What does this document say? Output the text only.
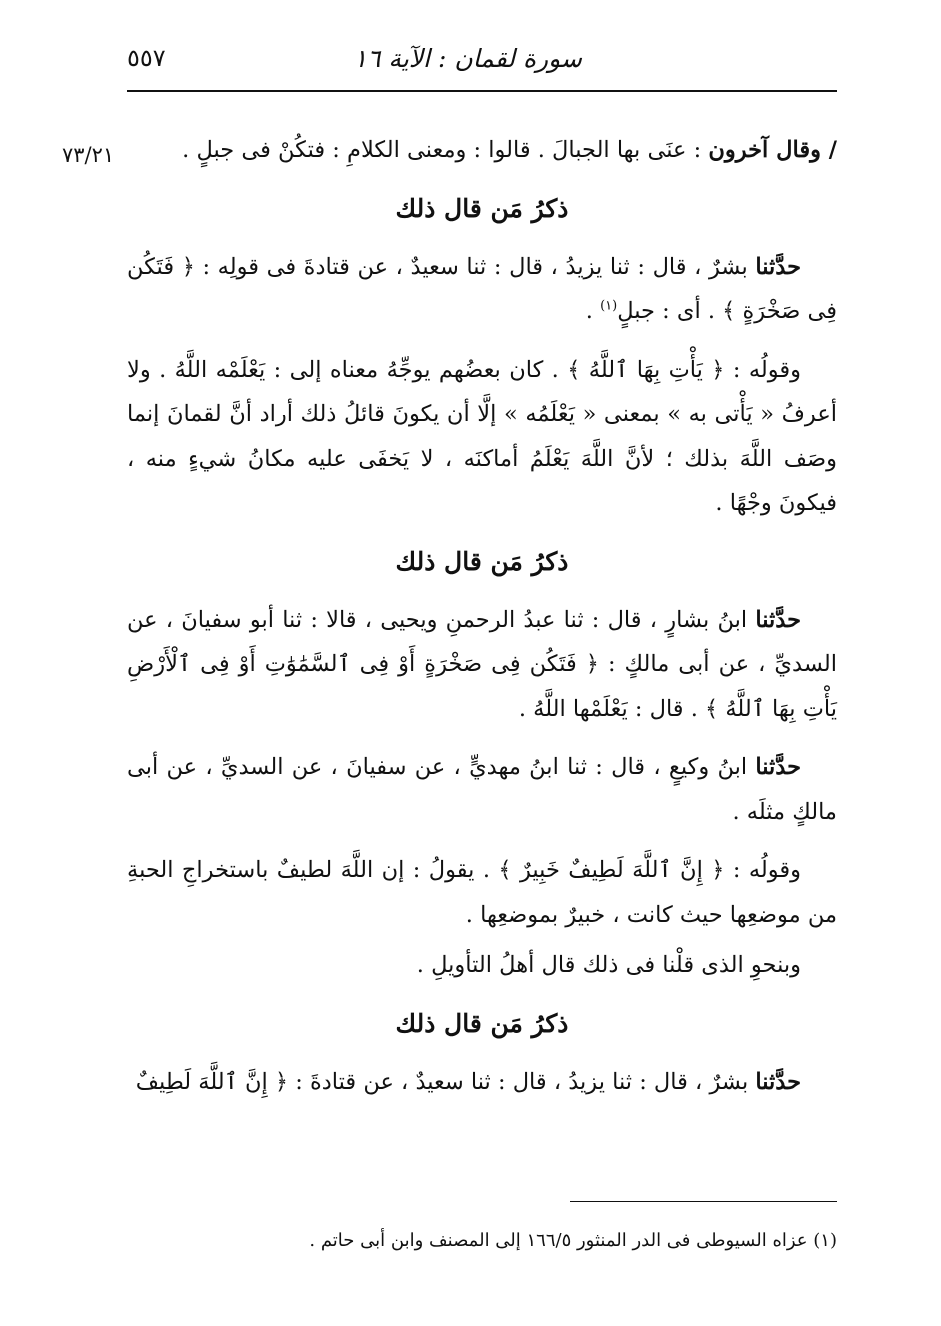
سورة لقمان : الآية ١٦
٥٥٧
٧٣/٢١	/ وقال آخرون : عنَى بها الجبالَ . قالوا : ومعنى الكلامِ : فتكُنْ فى جبلٍ .

ذكرُ مَن قال ذلك

حدَّثنا بشرٌ ، قال : ثنا يزيدُ ، قال : ثنا سعيدٌ ، عن قتادةَ فى قولِه : ﴿ فَتَكُن فِى صَخْرَةٍ ﴾ . أى : جبلٍ$^{(١)}$ .

وقولُه : ﴿ يَأْتِ بِهَا ٱللَّهُ ﴾ . كان بعضُهم يوجِّهُ معناه إلى : يَعْلَمْه اللَّهُ . ولا أعرفُ « يَأْتى به » بمعنى « يَعْلَمُه » إلَّا أن يكونَ قائلُ ذلك أراد أنَّ لقمانَ إنما وصَف اللَّهَ بذلك ؛ لأنَّ اللَّهَ يَعْلَمُ أماكنَه ، لا يَخفَى عليه مكانُ شيءٍ منه ، فيكونَ وجْهًا .

ذكرُ مَن قال ذلك

حدَّثنا ابنُ بشارٍ ، قال : ثنا عبدُ الرحمنِ ويحيى ، قالا : ثنا أبو سفيانَ ، عن السديِّ ، عن أبى مالكٍ : ﴿ فَتَكُن فِى صَخْرَةٍ أَوْ فِى ٱلسَّمَٰوَٰتِ أَوْ فِى ٱلْأَرْضِ يَأْتِ بِهَا ٱللَّهُ ﴾ . قال : يَعْلَمْها اللَّهُ .

حدَّثنا ابنُ وكيعٍ ، قال : ثنا ابنُ مهديٍّ ، عن سفيانَ ، عن السديِّ ، عن أبى مالكٍ مثلَه .

وقولُه : ﴿ إِنَّ ٱللَّهَ لَطِيفٌ خَبِيرٌ ﴾ . يقولُ : إن اللَّهَ لطيفٌ باستخراجِ الحبةِ من موضعِها حيث كانت ، خبيرٌ بموضعِها .

وبنحوِ الذى قلْنا فى ذلك قال أهلُ التأويلِ .

ذكرُ مَن قال ذلك

حدَّثنا بشرٌ ، قال : ثنا يزيدُ ، قال : ثنا سعيدٌ ، عن قتادةَ : ﴿ إِنَّ ٱللَّهَ لَطِيفٌ

(١) عزاه السيوطى فى الدر المنثور ١٦٦/٥ إلى المصنف وابن أبى حاتم .
